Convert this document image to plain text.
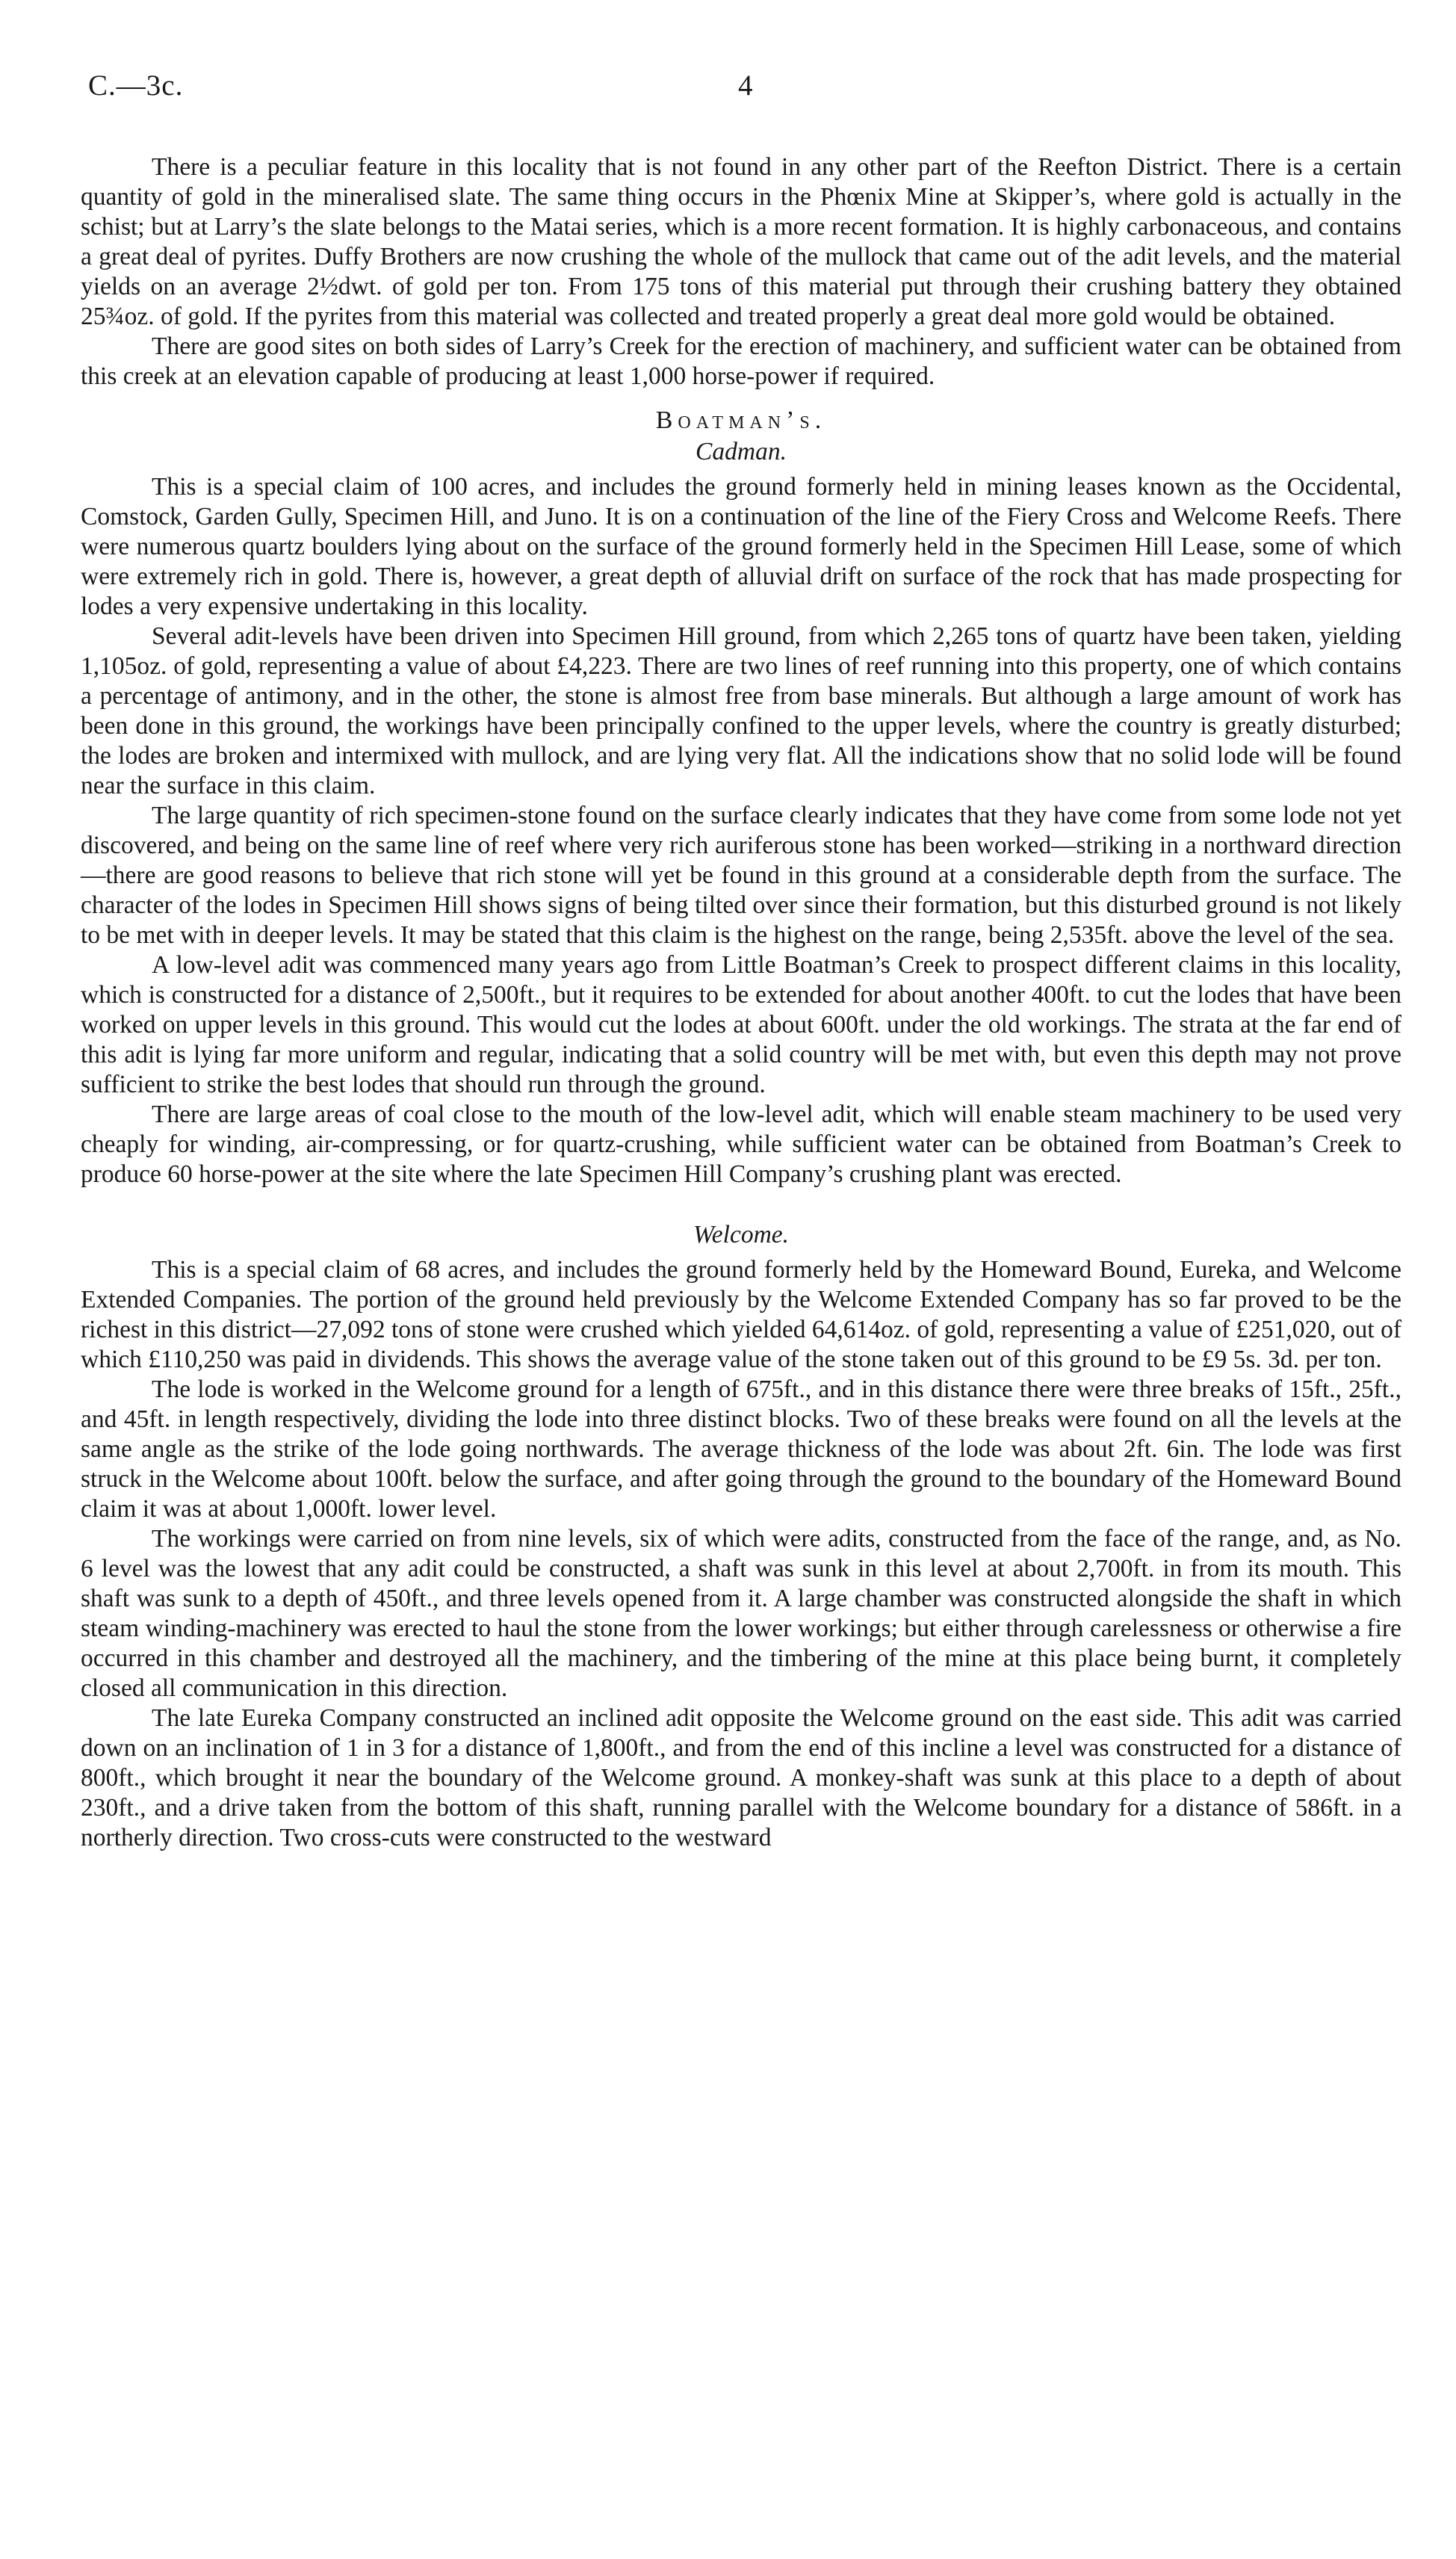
C.—3c.	4

There is a peculiar feature in this locality that is not found in any other part of the Reefton District. There is a certain quantity of gold in the mineralised slate. The same thing occurs in the Phœnix Mine at Skipper’s, where gold is actually in the schist; but at Larry’s the slate belongs to the Matai series, which is a more recent formation. It is highly carbonaceous, and contains a great deal of pyrites. Duffy Brothers are now crushing the whole of the mullock that came out of the adit levels, and the material yields on an average 2½dwt. of gold per ton. From 175 tons of this material put through their crushing battery they obtained 25¾oz. of gold. If the pyrites from this material was collected and treated properly a great deal more gold would be obtained.

There are good sites on both sides of Larry’s Creek for the erection of machinery, and sufficient water can be obtained from this creek at an elevation capable of producing at least 1,000 horse-power if required.

Boatman’s.
Cadman.

This is a special claim of 100 acres, and includes the ground formerly held in mining leases known as the Occidental, Comstock, Garden Gully, Specimen Hill, and Juno. It is on a continuation of the line of the Fiery Cross and Welcome Reefs. There were numerous quartz boulders lying about on the surface of the ground formerly held in the Specimen Hill Lease, some of which were extremely rich in gold. There is, however, a great depth of alluvial drift on surface of the rock that has made prospecting for lodes a very expensive undertaking in this locality.

Several adit-levels have been driven into Specimen Hill ground, from which 2,265 tons of quartz have been taken, yielding 1,105oz. of gold, representing a value of about £4,223. There are two lines of reef running into this property, one of which contains a percentage of antimony, and in the other, the stone is almost free from base minerals. But although a large amount of work has been done in this ground, the workings have been principally confined to the upper levels, where the country is greatly disturbed; the lodes are broken and intermixed with mullock, and are lying very flat. All the indications show that no solid lode will be found near the surface in this claim.

The large quantity of rich specimen-stone found on the surface clearly indicates that they have come from some lode not yet discovered, and being on the same line of reef where very rich auriferous stone has been worked—striking in a northward direction—there are good reasons to believe that rich stone will yet be found in this ground at a considerable depth from the surface. The character of the lodes in Specimen Hill shows signs of being tilted over since their formation, but this disturbed ground is not likely to be met with in deeper levels. It may be stated that this claim is the highest on the range, being 2,535ft. above the level of the sea.

A low-level adit was commenced many years ago from Little Boatman’s Creek to prospect different claims in this locality, which is constructed for a distance of 2,500ft., but it requires to be extended for about another 400ft. to cut the lodes that have been worked on upper levels in this ground. This would cut the lodes at about 600ft. under the old workings. The strata at the far end of this adit is lying far more uniform and regular, indicating that a solid country will be met with, but even this depth may not prove sufficient to strike the best lodes that should run through the ground.

There are large areas of coal close to the mouth of the low-level adit, which will enable steam machinery to be used very cheaply for winding, air-compressing, or for quartz-crushing, while sufficient water can be obtained from Boatman’s Creek to produce 60 horse-power at the site where the late Specimen Hill Company’s crushing plant was erected.

Welcome.

This is a special claim of 68 acres, and includes the ground formerly held by the Homeward Bound, Eureka, and Welcome Extended Companies. The portion of the ground held previously by the Welcome Extended Company has so far proved to be the richest in this district—27,092 tons of stone were crushed which yielded 64,614oz. of gold, representing a value of £251,020, out of which £110,250 was paid in dividends. This shows the average value of the stone taken out of this ground to be £9 5s. 3d. per ton.

The lode is worked in the Welcome ground for a length of 675ft., and in this distance there were three breaks of 15ft., 25ft., and 45ft. in length respectively, dividing the lode into three distinct blocks. Two of these breaks were found on all the levels at the same angle as the strike of the lode going northwards. The average thickness of the lode was about 2ft. 6in. The lode was first struck in the Welcome about 100ft. below the surface, and after going through the ground to the boundary of the Homeward Bound claim it was at about 1,000ft. lower level.

The workings were carried on from nine levels, six of which were adits, constructed from the face of the range, and, as No. 6 level was the lowest that any adit could be constructed, a shaft was sunk in this level at about 2,700ft. in from its mouth. This shaft was sunk to a depth of 450ft., and three levels opened from it. A large chamber was constructed alongside the shaft in which steam winding-machinery was erected to haul the stone from the lower workings; but either through carelessness or otherwise a fire occurred in this chamber and destroyed all the machinery, and the timbering of the mine at this place being burnt, it completely closed all communication in this direction.

The late Eureka Company constructed an inclined adit opposite the Welcome ground on the east side. This adit was carried down on an inclination of 1 in 3 for a distance of 1,800ft., and from the end of this incline a level was constructed for a distance of 800ft., which brought it near the boundary of the Welcome ground. A monkey-shaft was sunk at this place to a depth of about 230ft., and a drive taken from the bottom of this shaft, running parallel with the Welcome boundary for a distance of 586ft. in a northerly direction. Two cross-cuts were constructed to the westward
